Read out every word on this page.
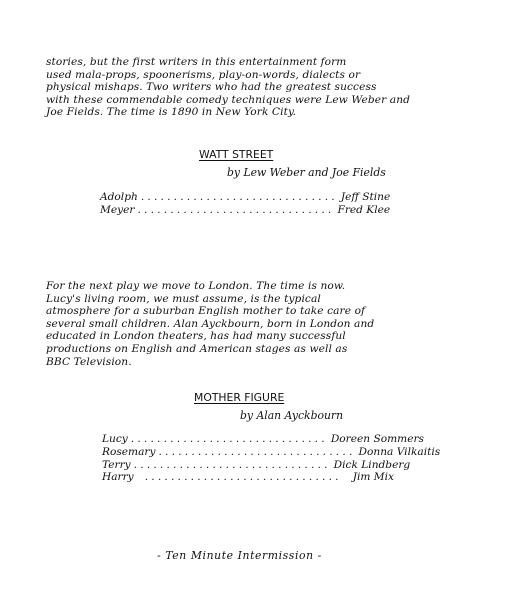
stories, but the first writers in this entertainment form
used mala-props, spoonerisms, play-on-words, dialects or
physical mishaps. Two writers who had the greatest success
with these commendable comedy techniques were Lew Weber and
Joe Fields. The time is 1890 in New York City.
WATT STREET
by Lew Weber and Joe Fields
Adolph .............................. Jeff Stine
Meyer .............................. Fred Klee
For the next play we move to London. The time is now.
Lucy's living room, we must assume, is the typical
atmosphere for a suburban English mother to take care of
several small children. Alan Ayckbourn, born in London and
educated in London theaters, has had many successful
productions on English and American stages as well as
BBC Television.
MOTHER FIGURE
by Alan Ayckbourn
Lucy .............................. Doreen Sommers
Rosemary .............................. Donna Vilkaitis
Terry .............................. Dick Lindberg
Harry	..............................	Jim Mix
- Ten Minute Intermission -
